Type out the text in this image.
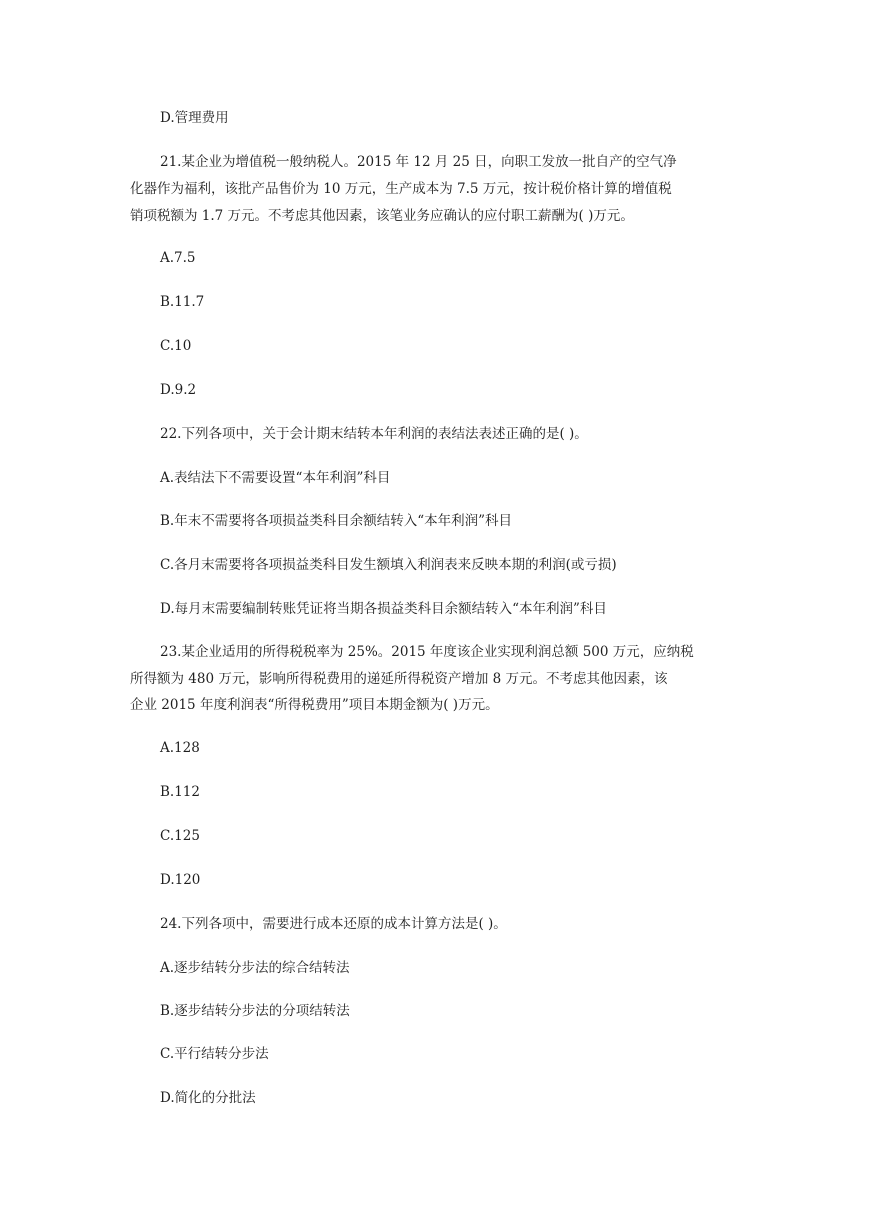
D.管理费用
21.某企业为增值税一般纳税人。2015 年 12 月 25 日，向职工发放一批自产的空气净
化器作为福利，该批产品售价为 10 万元，生产成本为 7.5 万元，按计税价格计算的增值税
销项税额为 1.7 万元。不考虑其他因素，该笔业务应确认的应付职工薪酬为( )万元。
A.7.5
B.11.7
C.10
D.9.2
22.下列各项中，关于会计期末结转本年利润的表结法表述正确的是( )。
A.表结法下不需要设置“本年利润”科目
B.年末不需要将各项损益类科目余额结转入“本年利润”科目
C.各月末需要将各项损益类科目发生额填入利润表来反映本期的利润(或亏损)
D.每月末需要编制转账凭证将当期各损益类科目余额结转入“本年利润”科目
23.某企业适用的所得税税率为 25%。2015 年度该企业实现利润总额 500 万元，应纳税
所得额为 480 万元，影响所得税费用的递延所得税资产增加 8 万元。不考虑其他因素，该
企业 2015 年度利润表“所得税费用”项目本期金额为( )万元。
A.128
B.112
C.125
D.120
24.下列各项中，需要进行成本还原的成本计算方法是( )。
A.逐步结转分步法的综合结转法
B.逐步结转分步法的分项结转法
C.平行结转分步法
D.简化的分批法
